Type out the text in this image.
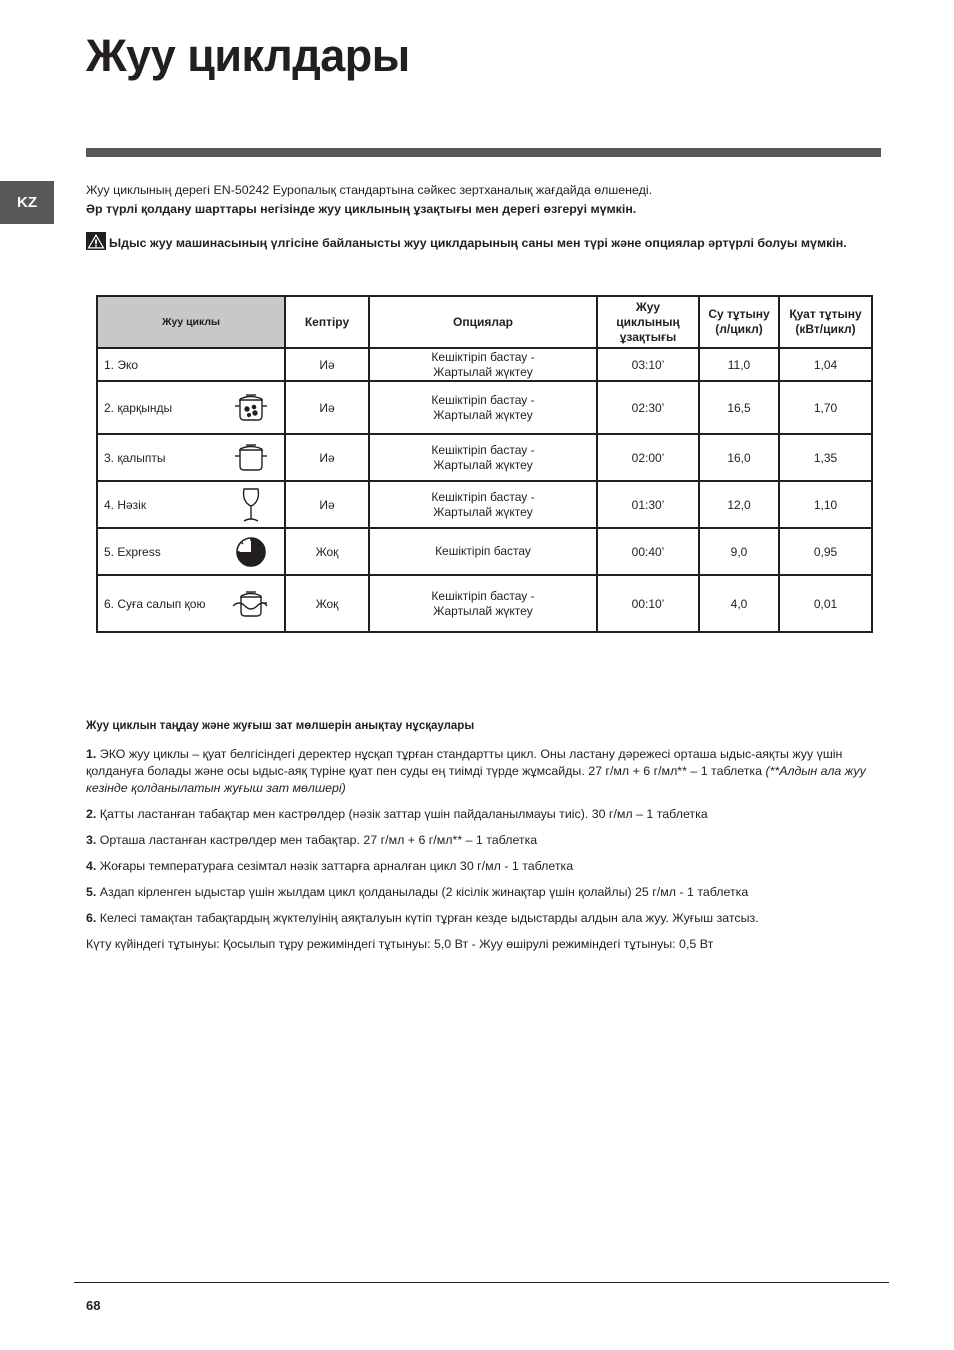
Жуу циклдары
KZ

Жуу циклының дерегі EN-50242 Еуропалық стандартына сәйкес зертханалық жағдайда өлшенеді.

Әр түрлі қолдану шарттары негізінде жуу циклының ұзақтығы мен дерегі өзгеруі мүмкін.

Ыдыс жуу машинасының үлгісіне байланысты жуу циклдарының саны мен түрі және опциялар әртүрлі болуы мүмкін.
Жуу циклы	Кептіру	Опциялар	Жуу циклының ұзақтығы	Су тұтыну (л/цикл)	Қуат тұтыну (кВт/цикл)
1. Эко	Иә	Кешіктіріп бастау -
Жартылай жүктеу	03:10’	11,0	1,04

2. қарқынды	Иә	Кешіктіріп бастау -
Жартылай жүктеу	02:30’	16,5	1,70

3. қалыпты	Иә	Кешіктіріп бастау -
Жартылай жүктеу	02:00’	16,0	1,35

4. Нәзік	Иә	Кешіктіріп бастау -
Жартылай жүктеу	01:30’	12,0	1,10

5. Express	Жоқ	Кешіктіріп бастау	00:40’	9,0	0,95

6. Суға салып қою	Жоқ	Кешіктіріп бастау -
Жартылай жүктеу	00:10’	4,0	0,01

Жуу циклын таңдау және жуғыш зат мөлшерін анықтау нұсқаулары

1. ЭКО жуу циклы – қуат белгісіндегі деректер нұсқап тұрған стандартты цикл. Оны ластану дәрежесі орташа ыдыс-аяқты жуу үшін қолдануға болады және осы ыдыс-аяқ түріне қуат пен суды ең тиімді түрде жұмсайды. 27 г/мл + 6 г/мл** – 1 таблетка (**Алдын ала жуу кезінде қолданылатын жуғыш зат мөлшері)

2. Қатты ластанған табақтар мен кастрөлдер (нәзік заттар үшін пайдаланылмауы тиіс). 30 г/мл – 1 таблетка

3. Орташа ластанған кастрөлдер мен табақтар. 27 г/мл + 6 г/мл** – 1 таблетка

4. Жоғары температураға сезімтал нәзік заттарға арналған цикл 30 г/мл - 1 таблетка

5. Аздап кірленген ыдыстар үшін жылдам цикл қолданылады (2 кісілік жинақтар үшін қолайлы) 25 г/мл - 1 таблетка

6. Келесі тамақтан табақтардың жүктелуінің аяқталуын күтіп тұрған кезде ыдыстарды алдын ала жуу. Жуғыш затсыз.

Күту күйіндегі тұтынуы: Қосылып тұру режиміндегі тұтынуы: 5,0 Вт - Жуу өшірулі режиміндегі тұтынуы: 0,5 Вт

68
